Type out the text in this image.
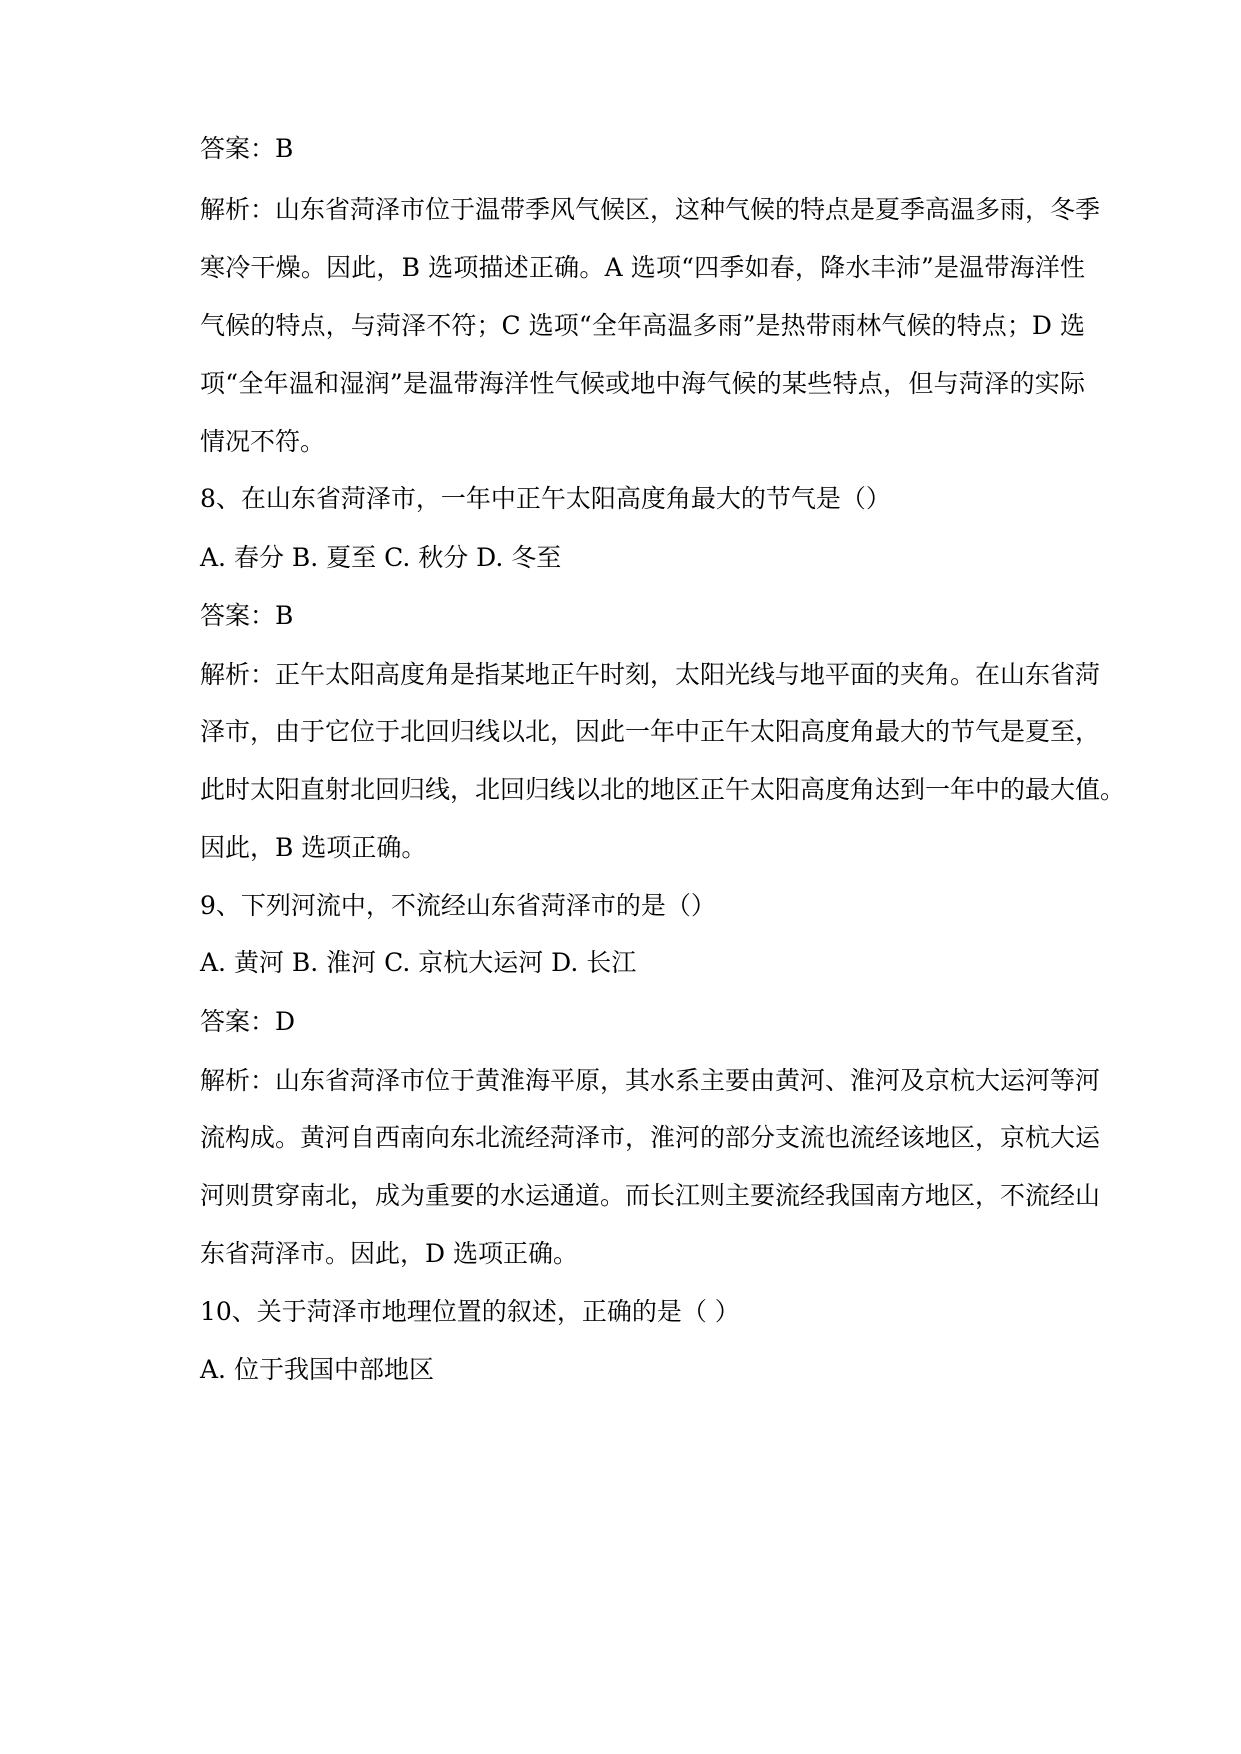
答案：B
解析：山东省菏泽市位于温带季风气候区，这种气候的特点是夏季高温多雨，冬季
寒冷干燥。因此，B 选项描述正确。A 选项“四季如春，降水丰沛”是温带海洋性
气候的特点，与菏泽不符；C 选项“全年高温多雨”是热带雨林气候的特点；D 选
项“全年温和湿润”是温带海洋性气候或地中海气候的某些特点，但与菏泽的实际
情况不符。
8、在山东省菏泽市，一年中正午太阳高度角最大的节气是（）
A. 春分 B. 夏至 C. 秋分 D. 冬至
答案：B
解析：正午太阳高度角是指某地正午时刻，太阳光线与地平面的夹角。在山东省菏
泽市，由于它位于北回归线以北，因此一年中正午太阳高度角最大的节气是夏至，
此时太阳直射北回归线，北回归线以北的地区正午太阳高度角达到一年中的最大值。
因此，B 选项正确。
9、下列河流中，不流经山东省菏泽市的是（）
A. 黄河 B. 淮河 C. 京杭大运河 D. 长江
答案：D
解析：山东省菏泽市位于黄淮海平原，其水系主要由黄河、淮河及京杭大运河等河
流构成。黄河自西南向东北流经菏泽市，淮河的部分支流也流经该地区，京杭大运
河则贯穿南北，成为重要的水运通道。而长江则主要流经我国南方地区，不流经山
东省菏泽市。因此，D 选项正确。
10、关于菏泽市地理位置的叙述，正确的是（ ）
A. 位于我国中部地区
